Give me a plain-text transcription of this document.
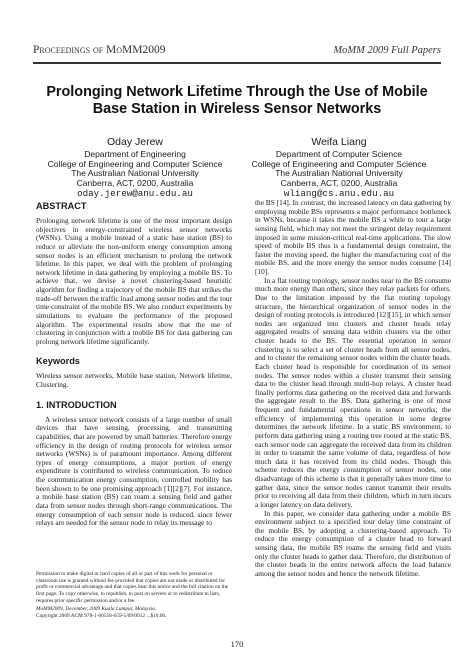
Proceedings of MoMM2009	MoMM 2009 Full Papers
Prolonging Network Lifetime Through the Use of Mobile Base Station in Wireless Sensor Networks
Oday Jerew
Department of Engineering
College of Engineering and Computer Science
The Australian National University
Canberra, ACT, 0200, Australia
oday.jerew@anu.edu.au
Weifa Liang
Department of Computer Science
College of Engineering and Computer Science
The Australian National University
Canberra, ACT, 0200, Australia
wliang@cs.anu.edu.au
ABSTRACT

Prolonging network lifetime is one of the most important design objectives in energy-constrained wireless sensor networks (WSNs). Using a mobile instead of a static base station (BS) to reduce or alleviate the non-uniform energy consumption among sensor nodes is an efficient mechanism to prolong the network lifetime. In this paper, we deal with the problem of prolonging network lifetime in data gathering by employing a mobile BS. To achieve that, we devise a novel clustering-based heuristic algorithm for finding a trajectory of the mobile BS that strikes the trade-off between the traffic load among sensor nodes and the tour time constraint of the mobile BS. We also conduct experiments by simulations to evaluate the performance of the proposed algorithm. The experimental results show that the use of clustering in conjunction with a mobile BS for data gathering can prolong network lifetime significantly.

Keywords

Wireless sensor networks, Mobile base station, Network lifetime, Clustering.

1. INTRODUCTION

A wireless sensor network consists of a large number of small devices that have sensing, processing, and transmitting capabilities, that are powered by small batteries. Therefore energy efficiency in the design of routing protocols for wireless sensor networks (WSNs) is of paramount importance. Among different types of energy consumptions, a major portion of energy expenditure is contributed to wireless communication. To reduce the communication energy consumption, controlled mobility has been shown to be one promising approach [1][2][7]. For instance, a mobile base station (BS) can roam a sensing field and gather data from sensor nodes through short-range communications. The energy consumption of each sensor node is reduced, since fewer relays are needed for the sensor node to relay its message to

the BS [14]. In contrast, the increased latency on data gathering by employing mobile BSs represents a major performance bottleneck in WSNs, because it takes the mobile BS a while to tour a large sensing field, which may not meet the stringent delay requirement imposed in some mission-critical real-time applications. The slow speed of mobile BS thus is a fundamental design constraint, the faster the moving speed, the higher the manufacturing cost of the mobile BS, and the more energy the sensor nodes consume [14][10].

In a flat routing topology, sensor nodes near to the BS consume much more energy than others, since they relay packets for others. Due to the limitation imposed by the flat routing topology structure, the hierarchical organization of sensor nodes in the design of routing protocols is introduced [12][15], in which sensor nodes are organized into clusters and cluster heads relay aggregated results of sensing data within clusters via the other cluster heads to the BS. The essential operation in sensor clustering is to select a set of cluster heads from all sensor nodes, and to cluster the remaining sensor nodes within the cluster heads. Each cluster head is responsible for coordination of its sensor nodes. The sensor nodes within a cluster transmit their sensing data to the cluster head through multi-hop relays. A cluster head finally performs data gathering on the received data and forwards the aggregate result to the BS. Data gathering is one of most frequent and fundamental operations in sensor networks; the efficiency of implementing this operation in some degree determines the network lifetime. In a static BS environment, to perform data gathering using a routing tree rooted at the static BS, each sensor node can aggregate the received data from its children in order to transmit the same volume of data, regardless of how much data it has received from its child nodes. Though this scheme reduces the energy consumption of sensor nodes, one disadvantage of this scheme is that it generally takes more time to gather data, since the sensor nodes cannot transmit their results prior to receiving all data from their children, which in turn incurs a longer latency on data delivery.

In this paper, we consider data gathering under a mobile BS environment subject to a specified tour delay time constraint of the mobile BS, by adopting a clustering-based approach. To reduce the energy consumption of a cluster head to forward sensing data, the mobile BS roams the sensing field and visits only the cluster heads to gather data. Therefore, the distribution of the cluster heads in the entire network affects the load balance among the sensor nodes and hence the network lifetime.

Permission to make digital or hard copies of all or part of this work for personal or classroom use is granted without fee provided that copies are not made or distributed for profit or commercial advantage and that copies bear this notice and the full citation on the first page. To copy otherwise, to republish, to post on servers or to redistribute to lists, requires prior specific permission and/or a fee.

MoMM2009, December, 2009 Kuala Lumpur, Malaysia.

Copyright 2009 ACM 978-1-60558-659-5/09/0012 ...$10.00.

170
